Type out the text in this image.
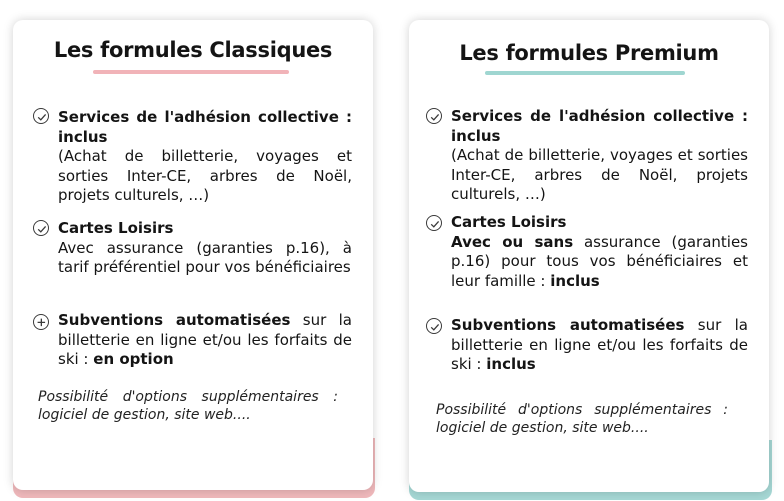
Les formules Classiques
Services de l'adhésion collective : inclus
(Achat de billetterie, voyages et sorties Inter-CE, arbres de Noël, projets culturels, …)
Cartes Loisirs
Avec assurance (garanties p.16), à tarif préférentiel pour vos bénéficiaires
Subventions automatisées sur la billetterie en ligne et/ou les forfaits de ski : en option
Possibilité d'options supplémentaires : logiciel de gestion, site web....
Les formules Premium
Services de l'adhésion collective : inclus
(Achat de billetterie, voyages et sorties Inter-CE, arbres de Noël, projets culturels, …)
Cartes Loisirs
Avec ou sans assurance (garanties p.16) pour tous vos bénéficiaires et leur famille : inclus
Subventions automatisées sur la billetterie en ligne et/ou les forfaits de ski : inclus
Possibilité d'options supplémentaires : logiciel de gestion, site web....
